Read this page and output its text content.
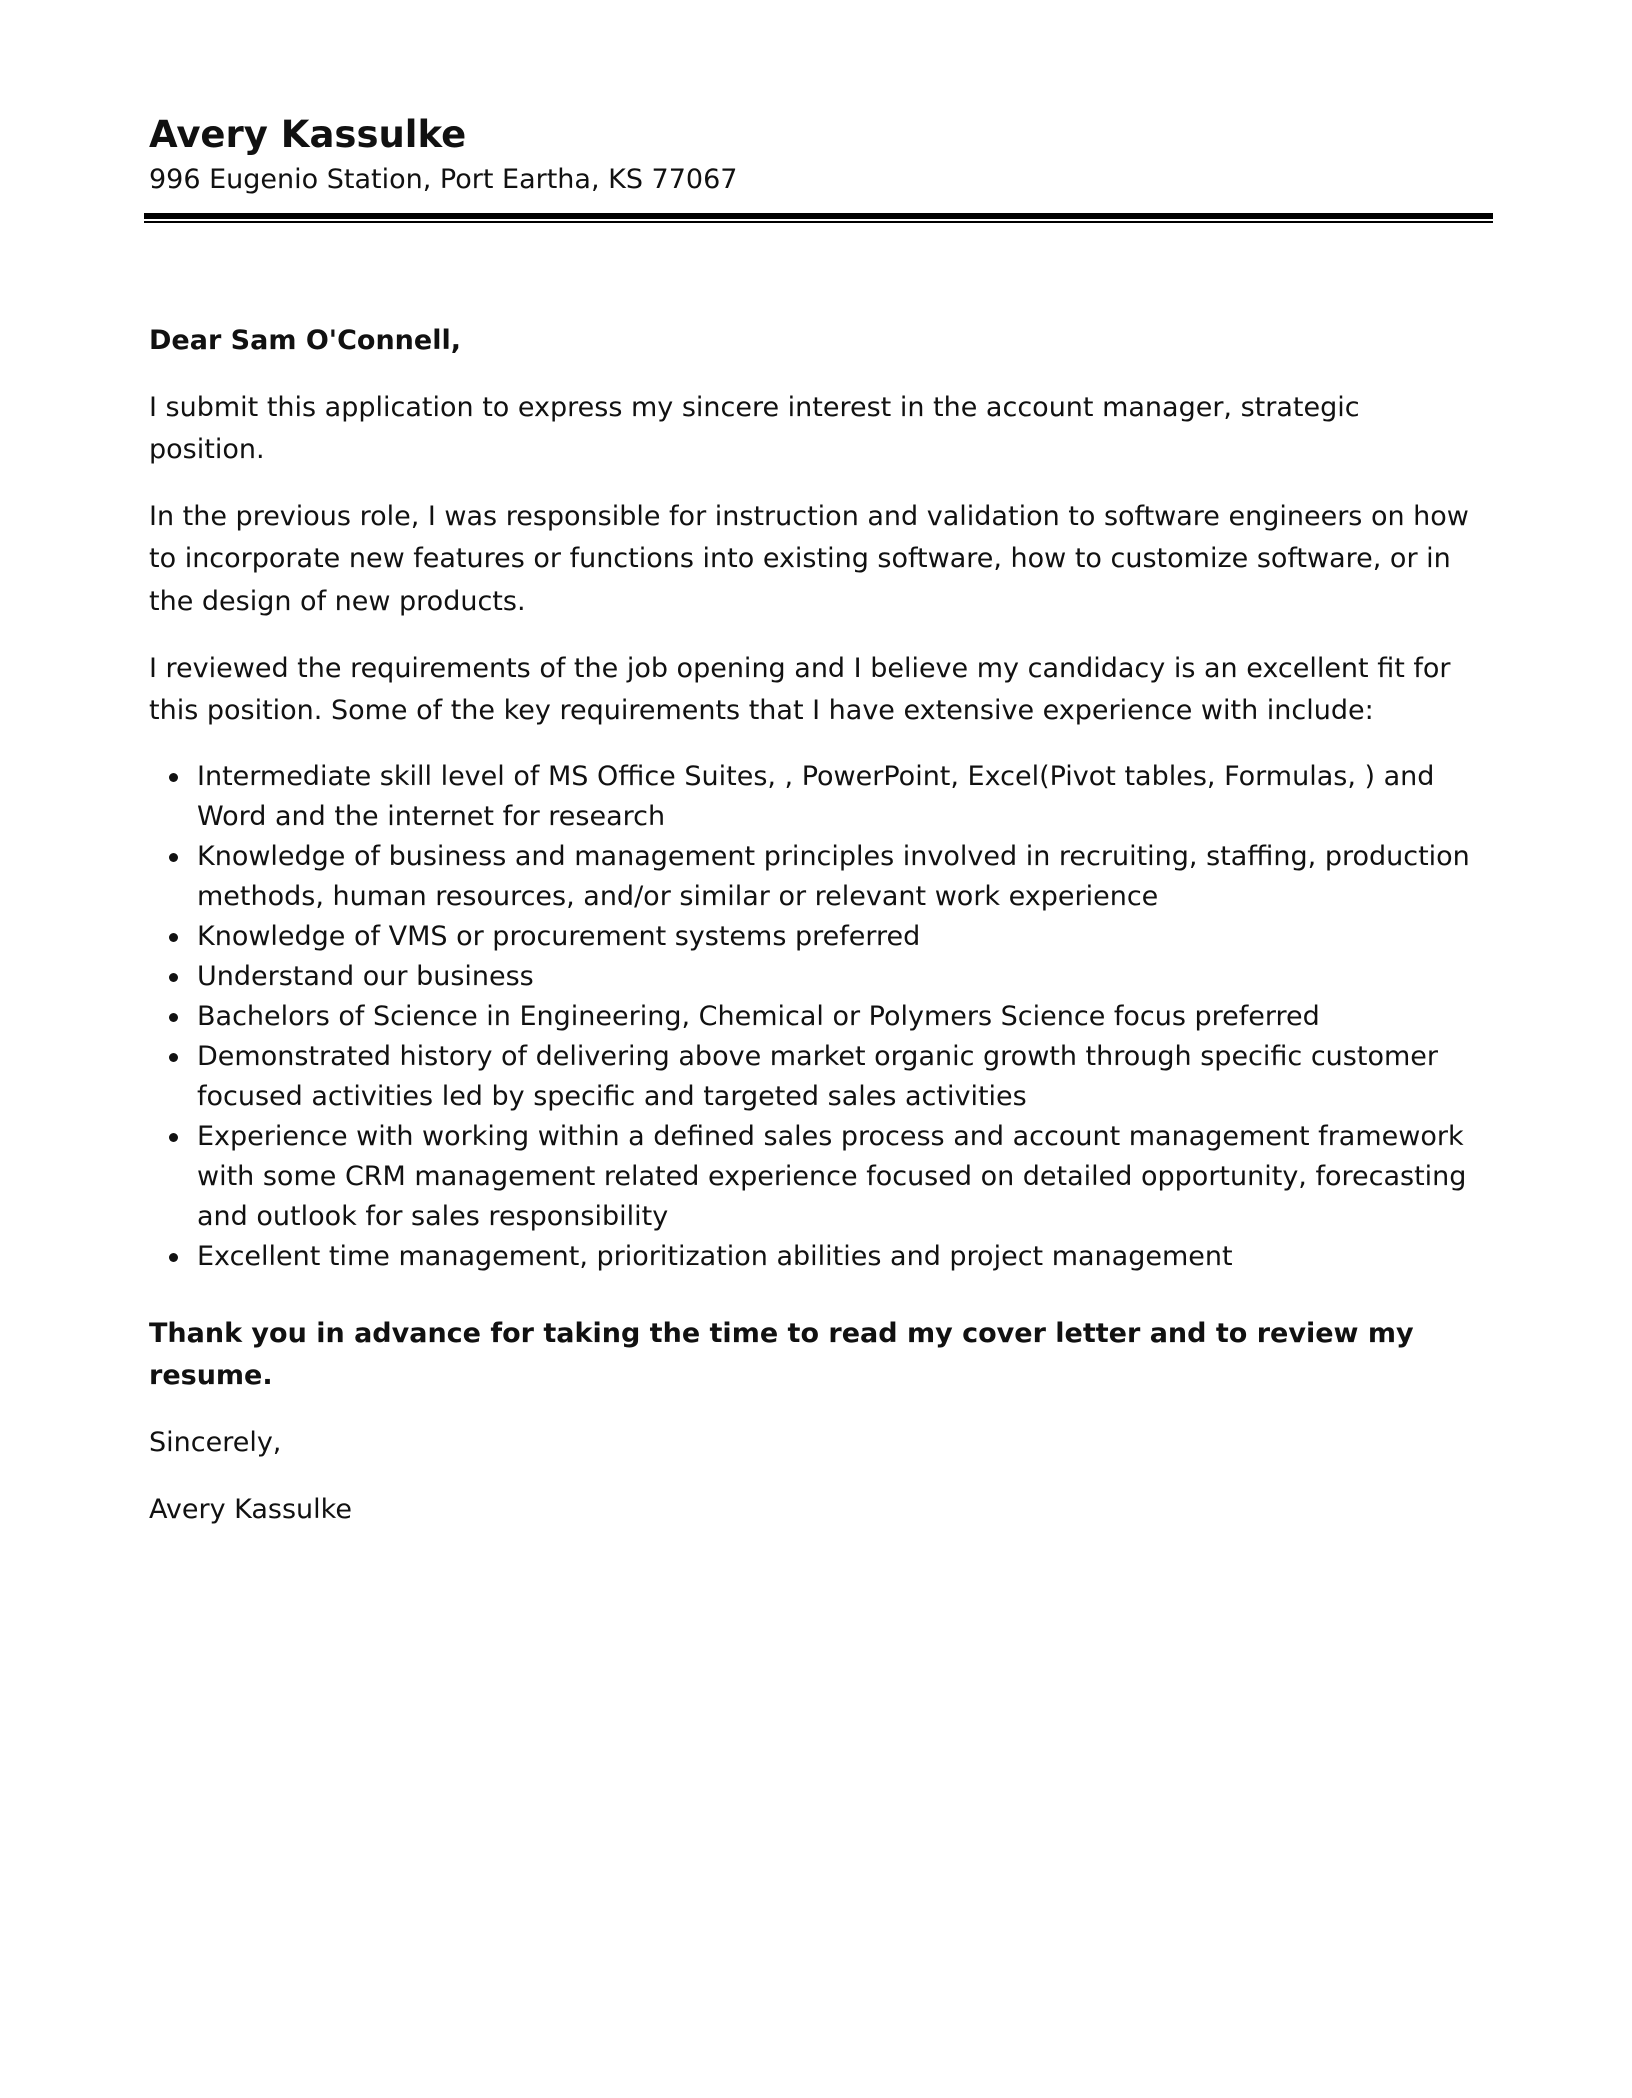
Avery Kassulke

996 Eugenio Station, Port Eartha, KS 77067

Dear Sam O'Connell,

I submit this application to express my sincere interest in the account manager, strategic position.

In the previous role, I was responsible for instruction and validation to software engineers on how to incorporate new features or functions into existing software, how to customize software, or in the design of new products.

I reviewed the requirements of the job opening and I believe my candidacy is an excellent fit for this position. Some of the key requirements that I have extensive experience with include:

Intermediate skill level of MS Office Suites, , PowerPoint, Excel(Pivot tables, Formulas, ) and Word and the internet for research
Knowledge of business and management principles involved in recruiting, staffing, production methods, human resources, and/or similar or relevant work experience
Knowledge of VMS or procurement systems preferred
Understand our business
Bachelors of Science in Engineering, Chemical or Polymers Science focus preferred
Demonstrated history of delivering above market organic growth through specific customer focused activities led by specific and targeted sales activities
Experience with working within a defined sales process and account management framework with some CRM management related experience focused on detailed opportunity, forecasting and outlook for sales responsibility
Excellent time management, prioritization abilities and project management

Thank you in advance for taking the time to read my cover letter and to review my resume.

Sincerely,

Avery Kassulke
